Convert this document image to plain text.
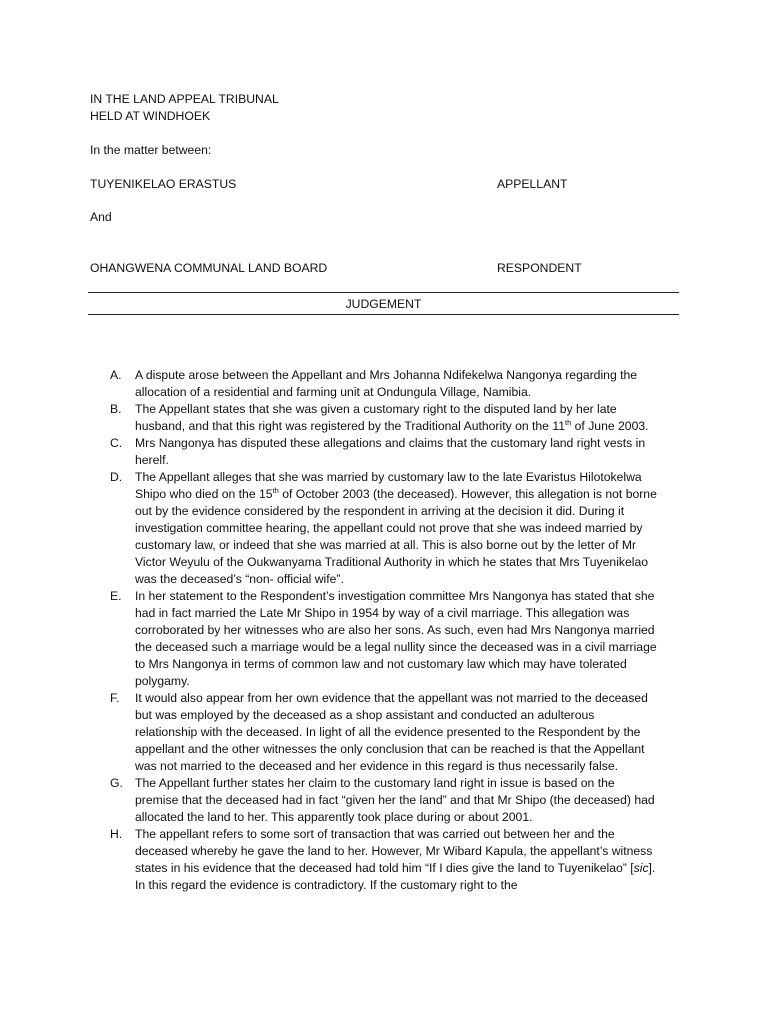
IN THE LAND APPEAL TRIBUNAL
HELD AT WINDHOEK
In the matter between:
TUYENIKELAO ERASTUS	APPELLANT
And
OHANGWENA COMMUNAL LAND BOARD	RESPONDENT
JUDGEMENT
A.	A dispute arose between the Appellant and Mrs Johanna Ndifekelwa Nangonya regarding the allocation of a residential and farming unit at Ondungula Village, Namibia.
B.	The Appellant states that she was given a customary right to the disputed land by her late husband, and that this right was registered by the Traditional Authority on the 11th of June 2003.
C.	Mrs Nangonya has disputed these allegations and claims that the customary land right vests in herelf.
D.	The Appellant alleges that she was married by customary law to the late Evaristus Hilotokelwa Shipo who died on the 15th of October 2003 (the deceased). However, this allegation is not borne out by the evidence considered by the respondent in arriving at the decision it did. During it investigation committee hearing, the appellant could not prove that she was indeed married by customary law, or indeed that she was married at all. This is also borne out by the letter of Mr Victor Weyulu of the Oukwanyama Traditional Authority in which he states that Mrs Tuyenikelao was the deceased’s “non- official wife”.
E.	In her statement to the Respondent’s investigation committee Mrs Nangonya has stated that she had in fact married the Late Mr Shipo in 1954 by way of a civil marriage. This allegation was corroborated by her witnesses who are also her sons. As such, even had Mrs Nangonya married the deceased such a marriage would be a legal nullity since the deceased was in a civil marriage to Mrs Nangonya in terms of common law and not customary law which may have tolerated polygamy.
F.	It would also appear from her own evidence that the appellant was not married to the deceased but was employed by the deceased as a shop assistant and conducted an adulterous relationship with the deceased. In light of all the evidence presented to the Respondent by the appellant and the other witnesses the only conclusion that can be reached is that the Appellant was not married to the deceased and her evidence in this regard is thus necessarily false.
G. The Appellant further states her claim to the customary land right in issue is based on the premise that the deceased had in fact “given her the land” and that Mr Shipo (the deceased) had allocated the land to her. This apparently took place during or about 2001.
H.	The appellant refers to some sort of transaction that was carried out between her and the deceased whereby he gave the land to her. However, Mr Wibard Kapula, the appellant’s witness states in his evidence that the deceased had told him “If I dies give the land to Tuyenikelao” [sic]. In this regard the evidence is contradictory. If the customary right to the
